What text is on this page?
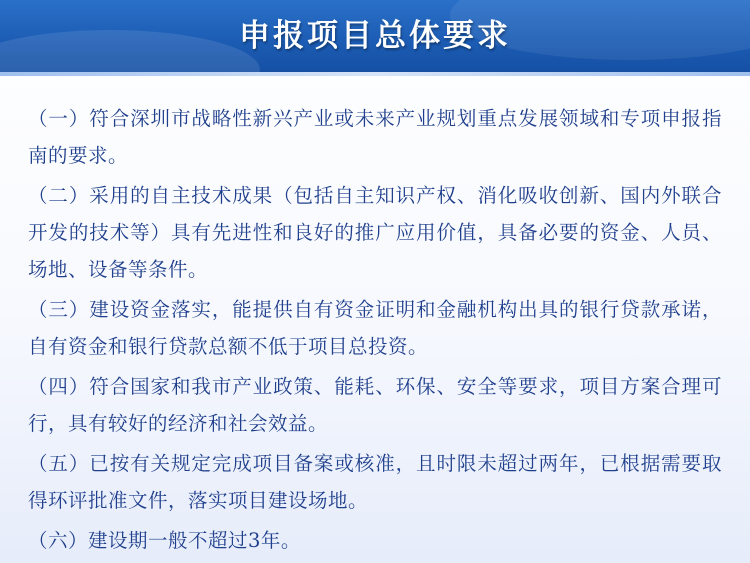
申报项目总体要求

（一）符合深圳市战略性新兴产业或未来产业规划重点发展领域和专项申报指南的要求。

（二）采用的自主技术成果（包括自主知识产权、消化吸收创新、国内外联合开发的技术等）具有先进性和良好的推广应用价值，具备必要的资金、人员、场地、设备等条件。

（三）建设资金落实，能提供自有资金证明和金融机构出具的银行贷款承诺，自有资金和银行贷款总额不低于项目总投资。

（四）符合国家和我市产业政策、能耗、环保、安全等要求，项目方案合理可行，具有较好的经济和社会效益。

（五）已按有关规定完成项目备案或核准，且时限未超过两年，已根据需要取得环评批准文件，落实项目建设场地。

（六）建设期一般不超过3年。
